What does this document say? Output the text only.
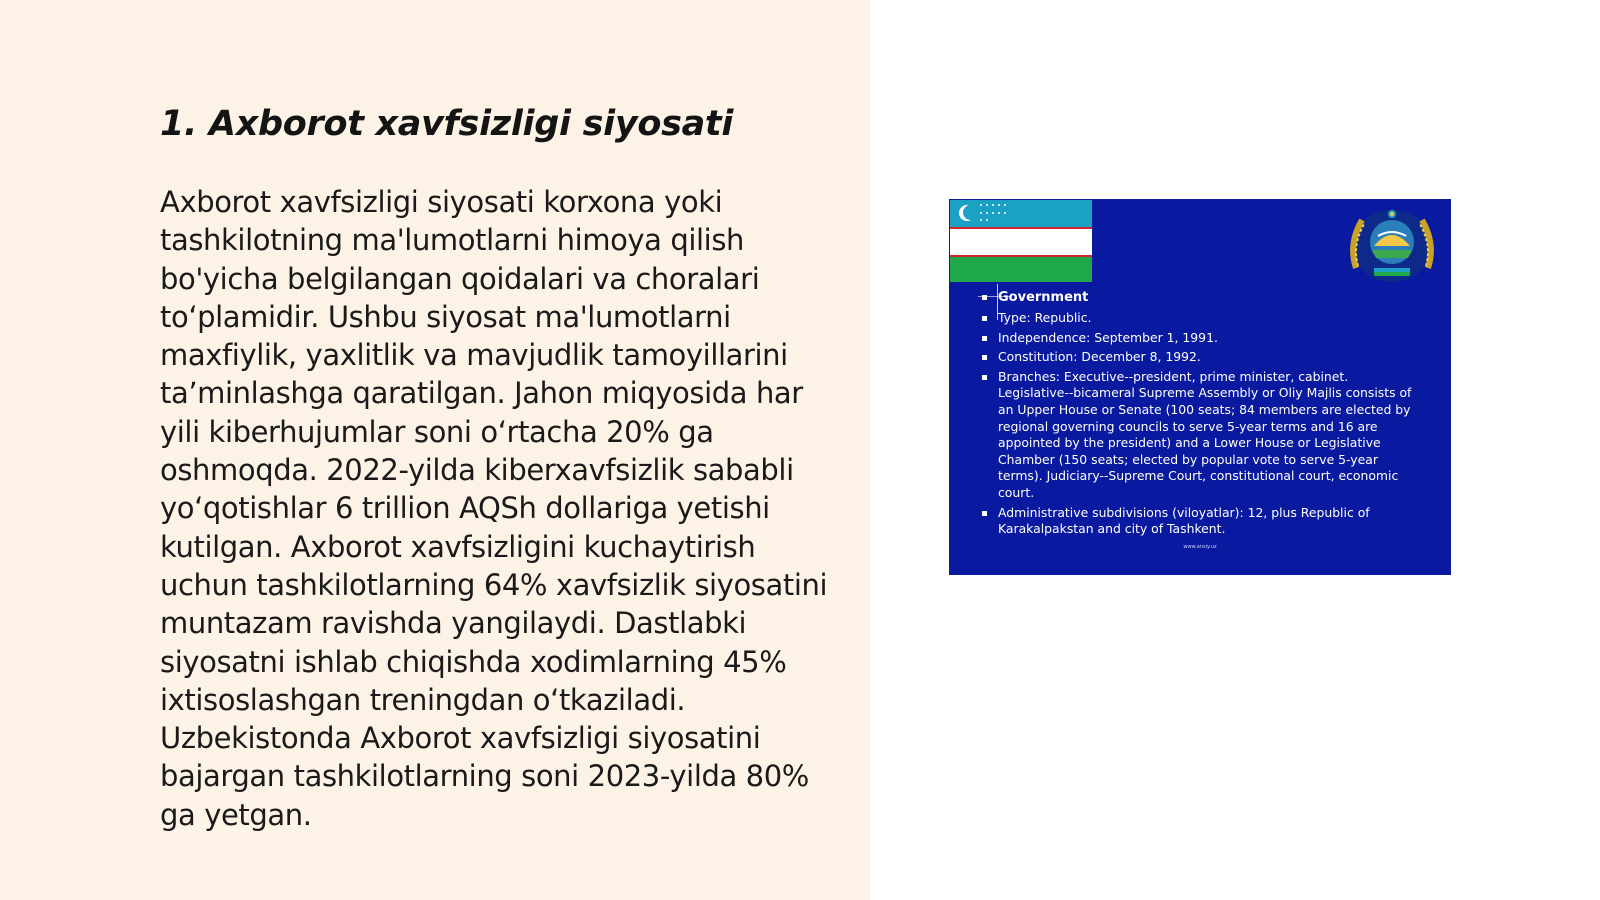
1. Axborot xavfsizligi siyosati

Axborot xavfsizligi siyosati korxona yoki tashkilotning ma'lumotlarni himoya qilish bo'yicha belgilangan qoidalari va choralari to‘plamidir. Ushbu siyosat ma'lumotlarni maxfiylik, yaxlitlik va mavjudlik tamoyillarini ta’minlashga qaratilgan. Jahon miqyosida har yili kiberhujumlar soni o‘rtacha 20% ga oshmoqda. 2022-yilda kiberxavfsizlik sababli yo‘qotishlar 6 trillion AQSh dollariga yetishi kutilgan. Axborot xavfsizligini kuchaytirish uchun tashkilotlarning 64% xavfsizlik siyosatini muntazam ravishda yangilaydi. Dastlabki siyosatni ishlab chiqishda xodimlarning 45% ixtisoslashgan treningdan o‘tkaziladi. Uzbekistonda Axborot xavfsizligi siyosatini bajargan tashkilotlarning soni 2023-yilda 80% ga yetgan.

Government
Type: Republic.
Independence: September 1, 1991.
Constitution: December 8, 1992.
Branches: Executive--president, prime minister, cabinet. Legislative--bicameral Supreme Assembly or Oliy Majlis consists of an Upper House or Senate (100 seats; 84 members are elected by regional governing councils to serve 5-year terms and 16 are appointed by the president) and a Lower House or Legislative Chamber (150 seats; elected by popular vote to serve 5-year terms). Judiciary--Supreme Court, constitutional court, economic court.
Administrative subdivisions (viloyatlar): 12, plus Republic of Karakalpakstan and city of Tashkent.
www.ansiy.uz
